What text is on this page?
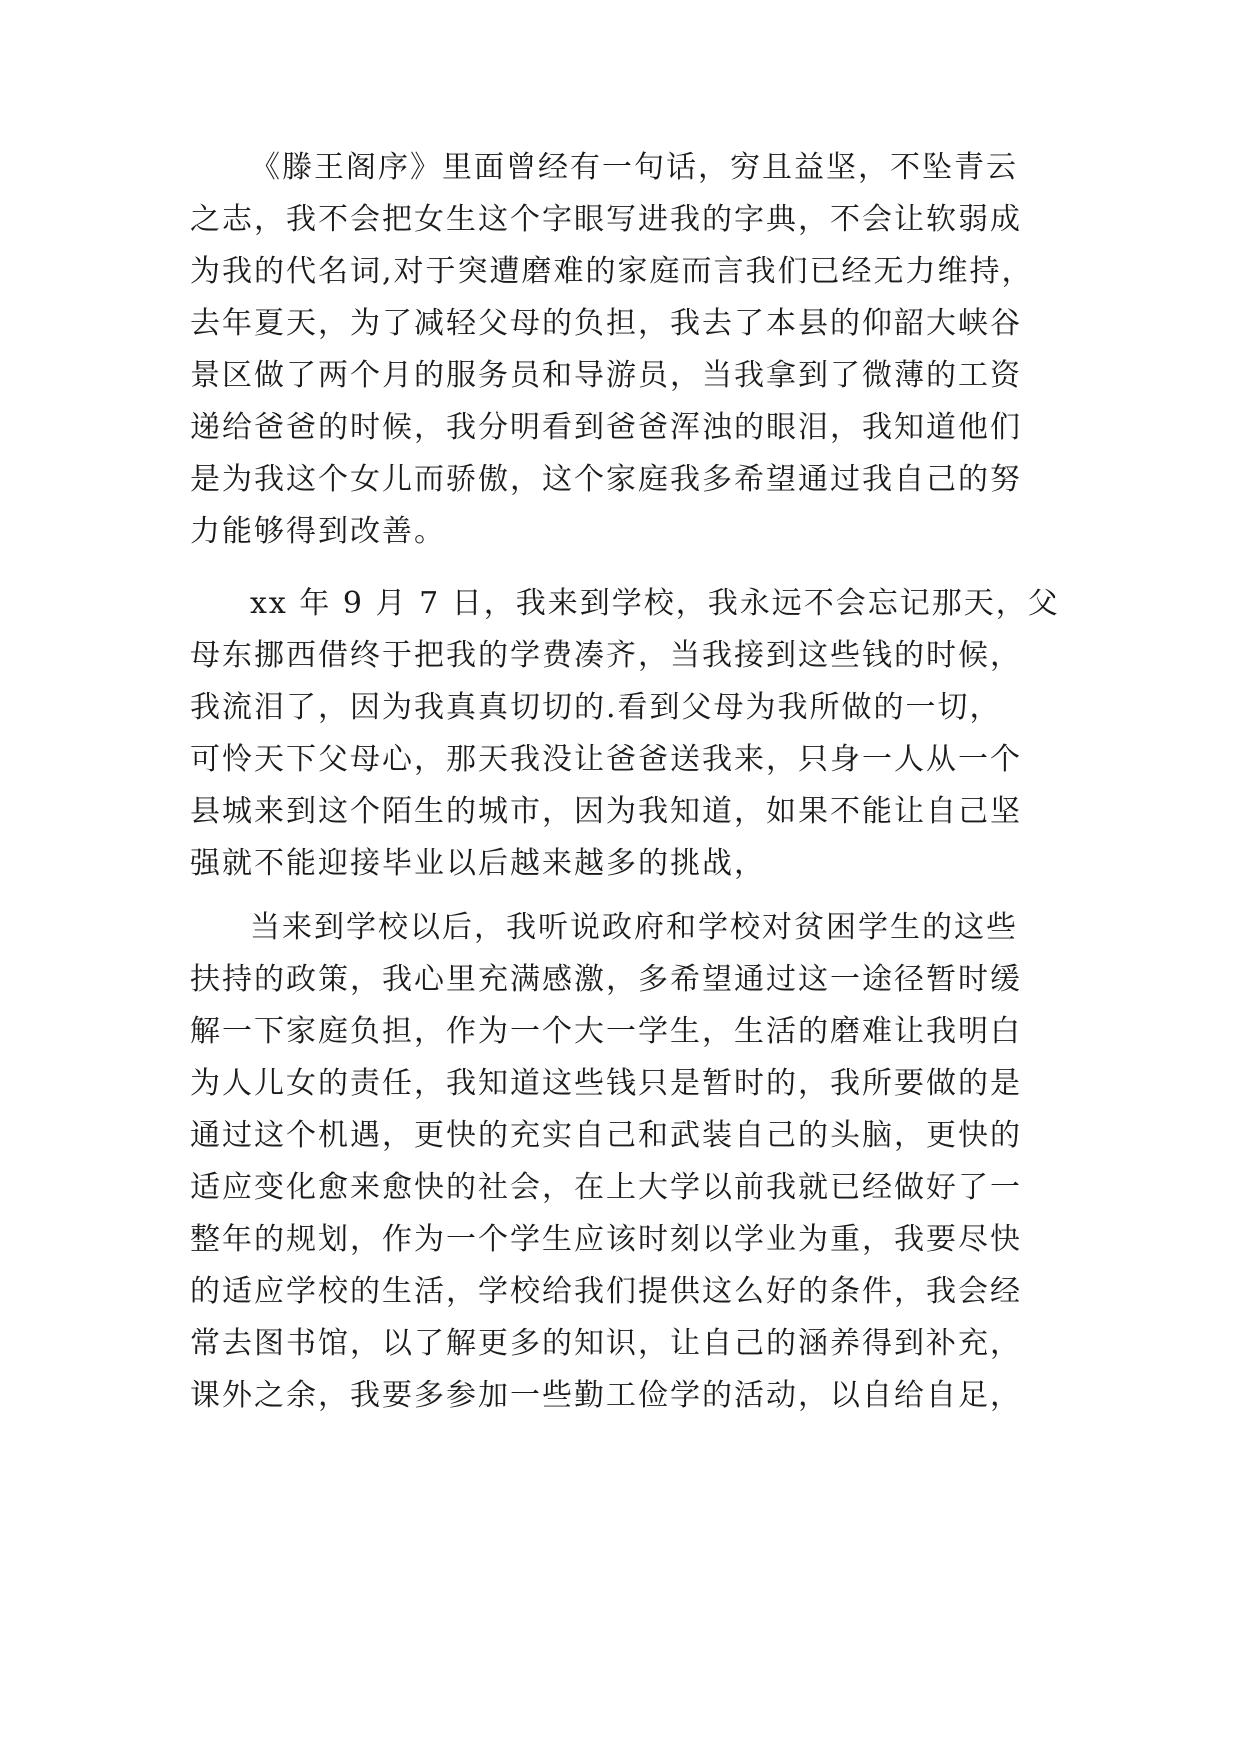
《滕王阁序》里面曾经有一句话，穷且益坚，不坠青云
之志，我不会把女生这个字眼写进我的字典，不会让软弱成
为我的代名词,对于突遭磨难的家庭而言我们已经无力维持，
去年夏天，为了减轻父母的负担，我去了本县的仰韶大峡谷
景区做了两个月的服务员和导游员，当我拿到了微薄的工资
递给爸爸的时候，我分明看到爸爸浑浊的眼泪，我知道他们
是为我这个女儿而骄傲，这个家庭我多希望通过我自己的努
力能够得到改善。
xx 年 9 月 7 日，我来到学校，我永远不会忘记那天，父
母东挪西借终于把我的学费凑齐，当我接到这些钱的时候，
我流泪了，因为我真真切切的.看到父母为我所做的一切，
可怜天下父母心，那天我没让爸爸送我来，只身一人从一个
县城来到这个陌生的城市，因为我知道，如果不能让自己坚
强就不能迎接毕业以后越来越多的挑战，
当来到学校以后，我听说政府和学校对贫困学生的这些
扶持的政策，我心里充满感激，多希望通过这一途径暂时缓
解一下家庭负担，作为一个大一学生，生活的磨难让我明白
为人儿女的责任，我知道这些钱只是暂时的，我所要做的是
通过这个机遇，更快的充实自己和武装自己的头脑，更快的
适应变化愈来愈快的社会，在上大学以前我就已经做好了一
整年的规划，作为一个学生应该时刻以学业为重，我要尽快
的适应学校的生活，学校给我们提供这么好的条件，我会经
常去图书馆，以了解更多的知识，让自己的涵养得到补充，
课外之余，我要多参加一些勤工俭学的活动，以自给自足，
